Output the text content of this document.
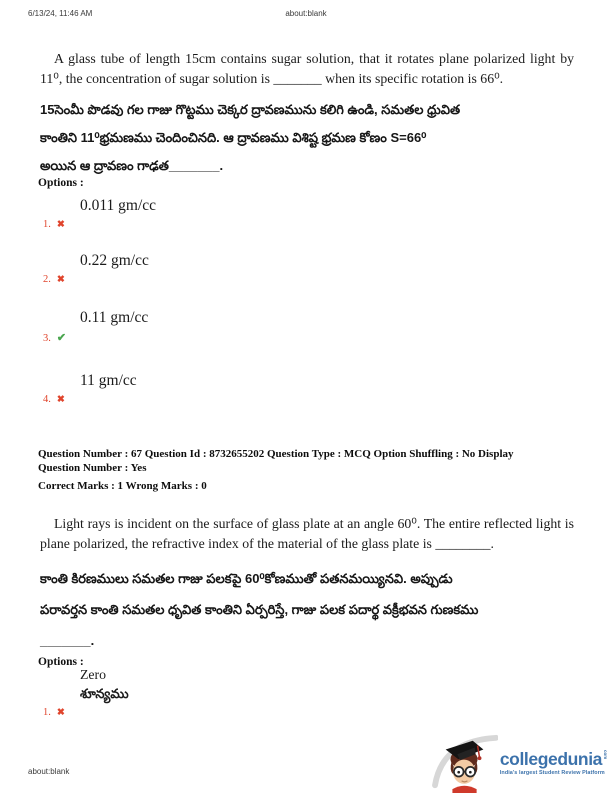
6/13/24, 11:46 AM	about:blank

A glass tube of length 15cm contains sugar solution, that it rotates plane polarized light by 11⁰, the concentration of sugar solution is _______ when its specific rotation is 66⁰.

15సెంమీ పొడవు గల గాజు గొట్టము చెక్కర ద్రావణమును కలిగి ఉండి, సమతల ధ్రువిత
కాంతిని 11⁰భ్రమణము చెందించినది. ఆ ద్రావణము విశిష్ట భ్రమణ కోణం S=66⁰
అయిన ఆ ద్రావణం గాఢత_______.
Options :
0.011 gm/cc
1. ✖
0.22 gm/cc
2. ✖
0.11 gm/cc
3. ✔
11 gm/cc
4. ✖
Question Number : 67 Question Id : 8732655202 Question Type : MCQ Option Shuffling : No Display
Question Number : Yes
Correct Marks : 1 Wrong Marks : 0

Light rays is incident on the surface of glass plate at an angle 60⁰. The entire reflected light is plane polarized, the refractive index of the material of the glass plate is ________.

కాంతి కిరణములు సమతల గాజు పలకపై 60⁰కోణముతో పతనమయ్యినవి. అప్పుడు
పరావర్తన కాంతి సమతల ధృవిత కాంతిని ఏర్పరిస్తే, గాజు పలక పదార్థ వక్రీభవన గుణకము
_______.
Options :
Zero
శూన్యము
1. ✖
about:blank
collegedunia com
India's largest Student Review Platform
